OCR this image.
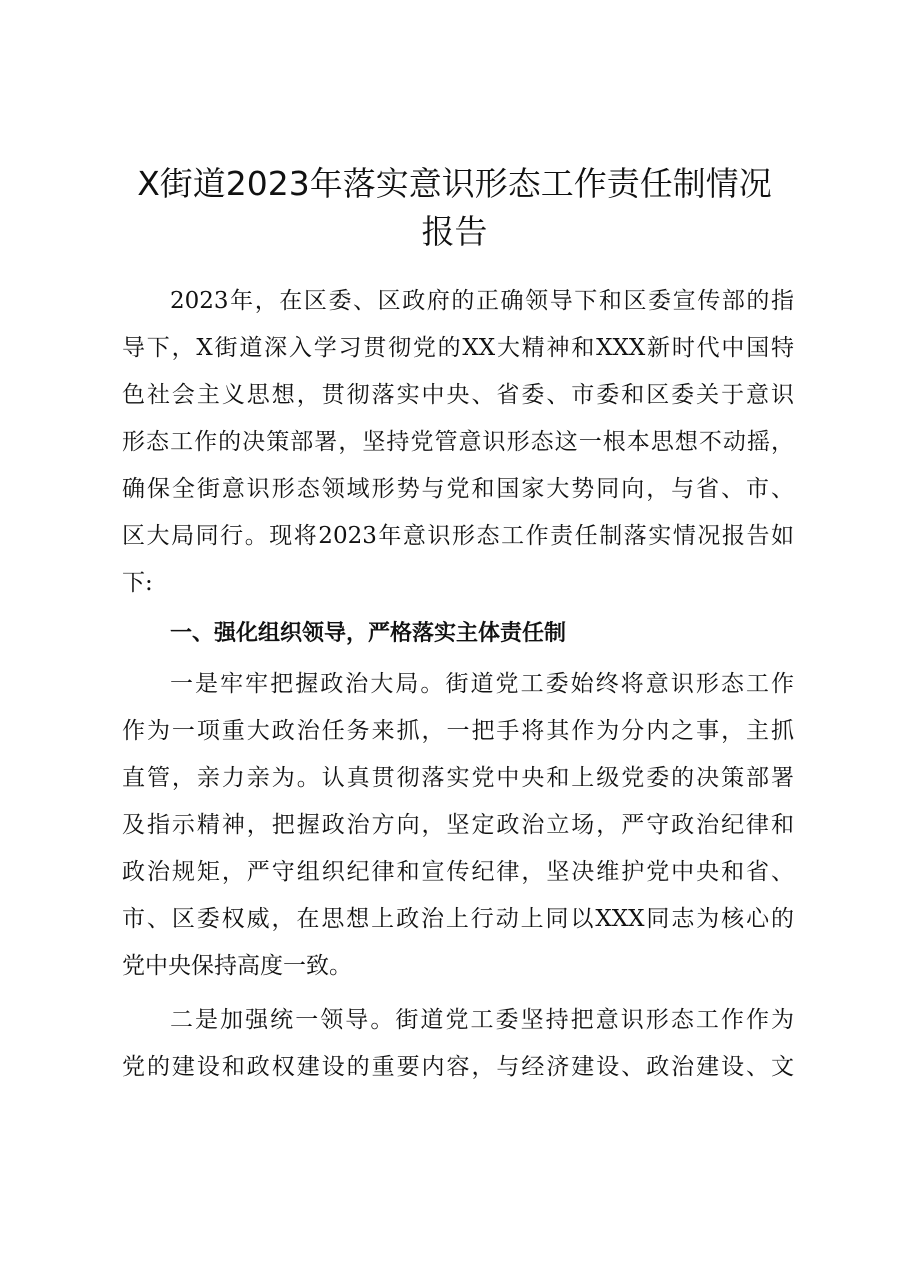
X街道2023年落实意识形态工作责任制情况
报告
2023年，在区委、区政府的正确领导下和区委宣传部的指
导下，X街道深入学习贯彻党的XX大精神和XXX新时代中国特
色社会主义思想，贯彻落实中央、省委、市委和区委关于意识
形态工作的决策部署，坚持党管意识形态这一根本思想不动摇，
确保全街意识形态领域形势与党和国家大势同向，与省、市、
区大局同行。现将2023年意识形态工作责任制落实情况报告如
下:
一、强化组织领导，严格落实主体责任制
一是牢牢把握政治大局。街道党工委始终将意识形态工作
作为一项重大政治任务来抓，一把手将其作为分内之事，主抓
直管，亲力亲为。认真贯彻落实党中央和上级党委的决策部署
及指示精神，把握政治方向，坚定政治立场，严守政治纪律和
政治规矩，严守组织纪律和宣传纪律，坚决维护党中央和省、
市、区委权威，在思想上政治上行动上同以XXX同志为核心的
党中央保持高度一致。
二是加强统一领导。街道党工委坚持把意识形态工作作为
党的建设和政权建设的重要内容，与经济建设、政治建设、文
